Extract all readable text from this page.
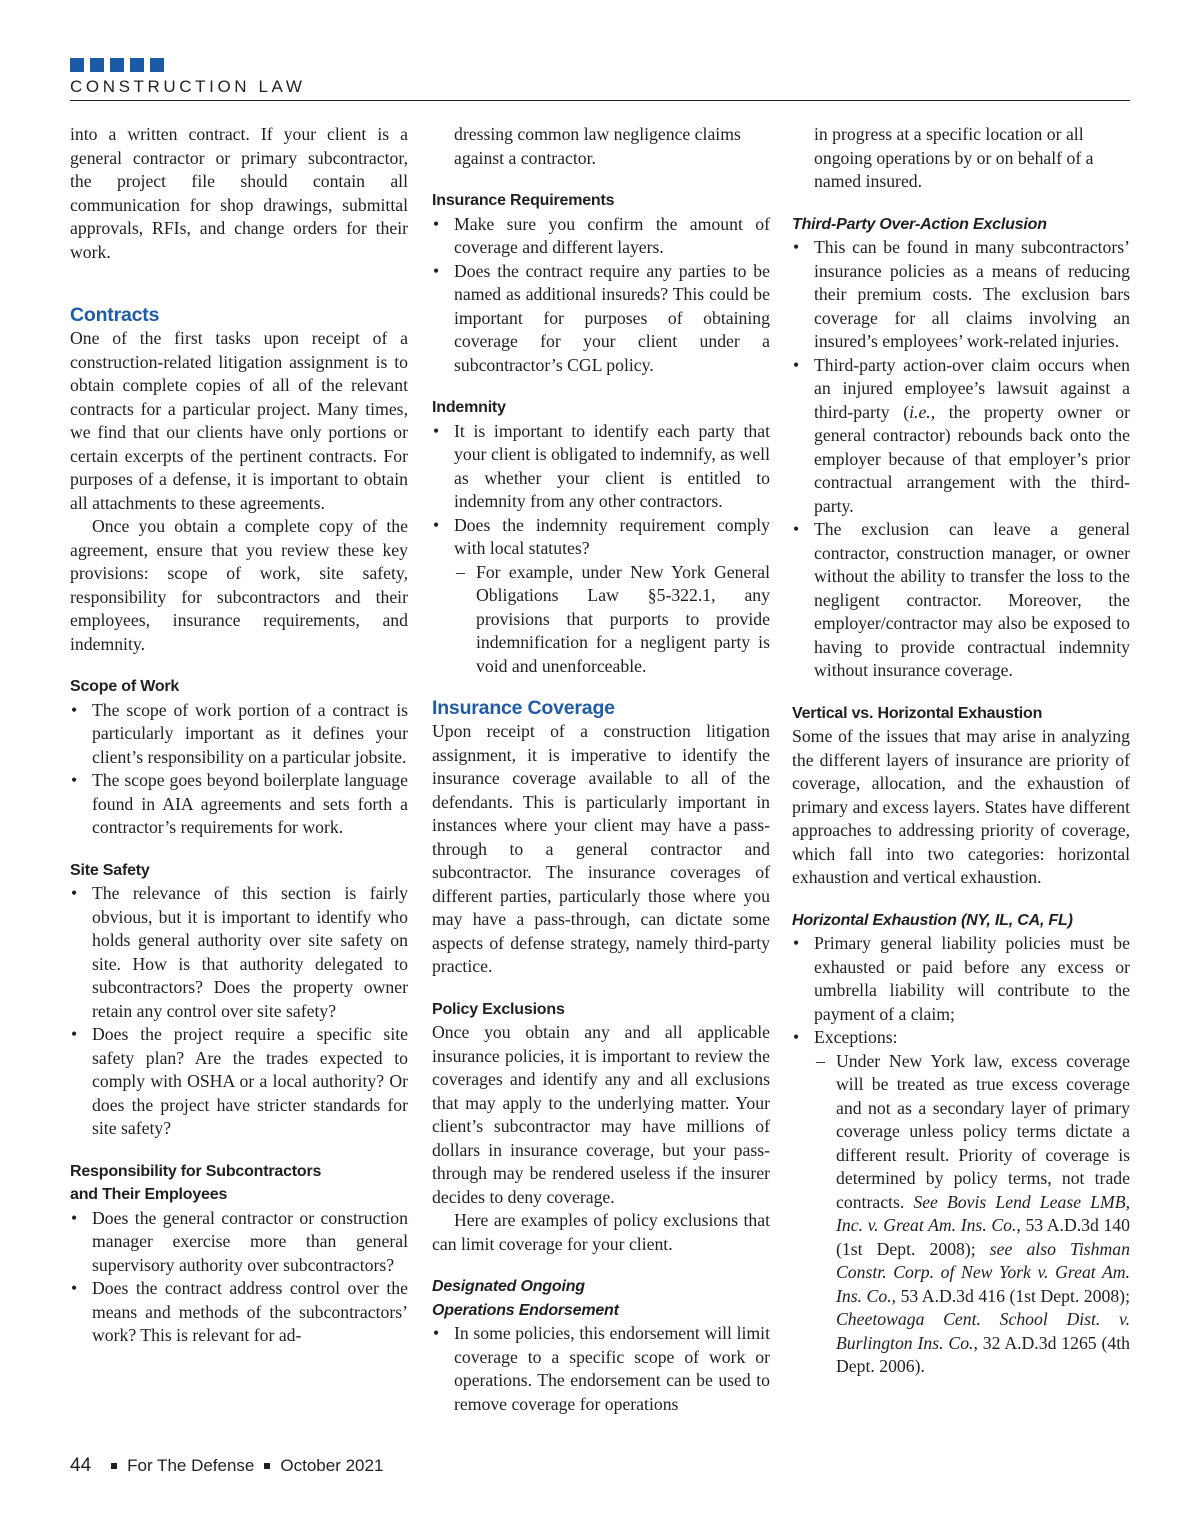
CONSTRUCTION LAW

into a written contract. If your client is a general contractor or primary subcontractor, the project file should contain all communication for shop drawings, submittal approvals, RFIs, and change orders for their work.

Contracts

One of the first tasks upon receipt of a construction-related litigation assignment is to obtain complete copies of all of the relevant contracts for a particular project. Many times, we find that our clients have only portions or certain excerpts of the pertinent contracts. For purposes of a defense, it is important to obtain all attachments to these agreements.

Once you obtain a complete copy of the agreement, ensure that you review these key provisions: scope of work, site safety, responsibility for subcontractors and their employees, insurance requirements, and indemnity.

Scope of Work
• The scope of work portion of a contract is particularly important as it defines your client’s responsibility on a particular jobsite.
• The scope goes beyond boilerplate language found in AIA agreements and sets forth a contractor’s requirements for work.
Site Safety
• The relevance of this section is fairly obvious, but it is important to identify who holds general authority over site safety on site. How is that authority delegated to subcontractors? Does the property owner retain any control over site safety?
• Does the project require a specific site safety plan? Are the trades expected to comply with OSHA or a local authority? Or does the project have stricter standards for site safety?
Responsibility for Subcontractors
and Their Employees
• Does the general contractor or construction manager exercise more than general supervisory authority over subcontractors?
• Does the contract address control over the means and methods of the subcontractors’ work? This is relevant for ad-

dressing common law negligence claims against a contractor.

Insurance Requirements
• Make sure you confirm the amount of coverage and different layers.
• Does the contract require any parties to be named as additional insureds? This could be important for purposes of obtaining coverage for your client under a subcontractor’s CGL policy.
Indemnity
• It is important to identify each party that your client is obligated to indemnify, as well as whether your client is entitled to indemnity from any other contractors.
• Does the indemnity requirement comply with local statutes?
– For example, under New York General Obligations Law §5-322.1, any provisions that purports to provide indemnification for a negligent party is void and unenforceable.
Insurance Coverage

Upon receipt of a construction litigation assignment, it is imperative to identify the insurance coverage available to all of the defendants. This is particularly important in instances where your client may have a pass-through to a general contractor and subcontractor. The insurance coverages of different parties, particularly those where you may have a pass-through, can dictate some aspects of defense strategy, namely third-party practice.

Policy Exclusions

Once you obtain any and all applicable insurance policies, it is important to review the coverages and identify any and all exclusions that may apply to the underlying matter. Your client’s subcontractor may have millions of dollars in insurance coverage, but your pass-through may be rendered useless if the insurer decides to deny coverage.

Here are examples of policy exclusions that can limit coverage for your client.

Designated Ongoing
Operations Endorsement
• In some policies, this endorsement will limit coverage to a specific scope of work or operations. The endorsement can be used to remove coverage for operations

in progress at a specific location or all ongoing operations by or on behalf of a named insured.

Third-Party Over-Action Exclusion
• This can be found in many subcontractors’ insurance policies as a means of reducing their premium costs. The exclusion bars coverage for all claims involving an insured’s employees’ work-related injuries.
• Third-party action-over claim occurs when an injured employee’s lawsuit against a third-party (i.e., the property owner or general contractor) rebounds back onto the employer because of that employer’s prior contractual arrangement with the third-party.
• The exclusion can leave a general contractor, construction manager, or owner without the ability to transfer the loss to the negligent contractor. Moreover, the employer/contractor may also be exposed to having to provide contractual indemnity without insurance coverage.
Vertical vs. Horizontal Exhaustion

Some of the issues that may arise in analyzing the different layers of insurance are priority of coverage, allocation, and the exhaustion of primary and excess layers. States have different approaches to addressing priority of coverage, which fall into two categories: horizontal exhaustion and vertical exhaustion.

Horizontal Exhaustion (NY, IL, CA, FL)
• Primary general liability policies must be exhausted or paid before any excess or umbrella liability will contribute to the payment of a claim;
• Exceptions:
– Under New York law, excess coverage will be treated as true excess coverage and not as a secondary layer of primary coverage unless policy terms dictate a different result. Priority of coverage is determined by policy terms, not trade contracts. See Bovis Lend Lease LMB, Inc. v. Great Am. Ins. Co., 53 A.D.3d 140 (1st Dept. 2008); see also Tishman Constr. Corp. of New York v. Great Am. Ins. Co., 53 A.D.3d 416 (1st Dept. 2008); Cheetowaga Cent. School Dist. v. Burlington Ins. Co., 32 A.D.3d 1265 (4th Dept. 2006).
44 For The Defense October 2021
